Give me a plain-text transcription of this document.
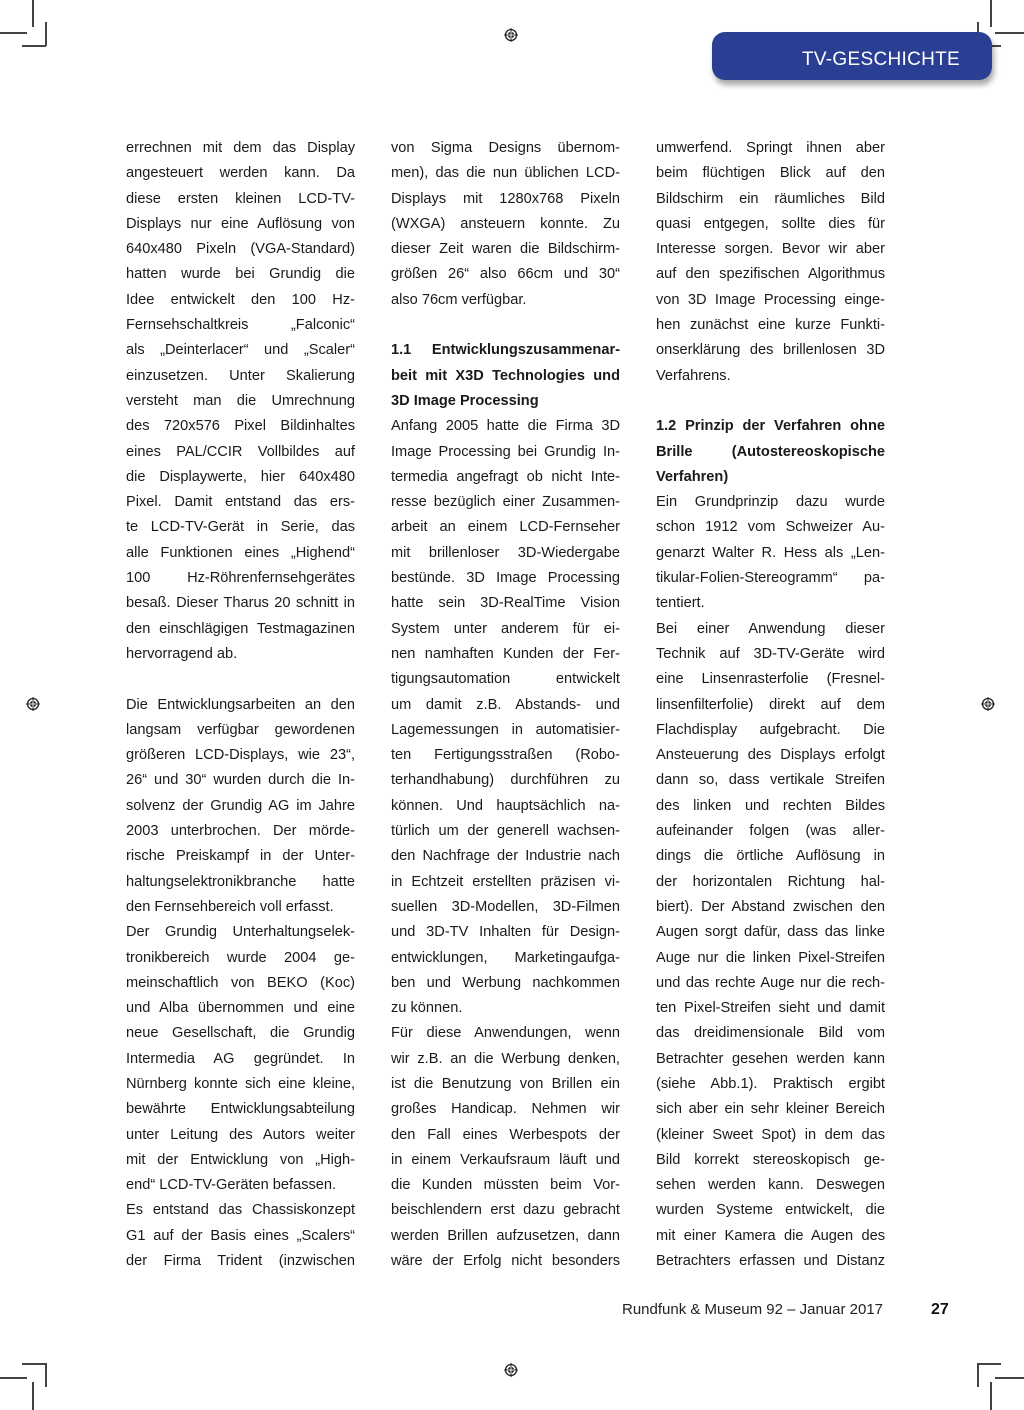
TV-GESCHICHTE
errechnen mit dem das Display
angesteuert werden kann. Da
diese ersten kleinen LCD-TV-
Displays nur eine Auflösung von
640x480 Pixeln (VGA-Standard)
hatten wurde bei Grundig die
Idee entwickelt den 100 Hz-
Fernsehschaltkreis „Falconic“
als „Deinterlacer“ und „Scaler“
einzusetzen. Unter Skalierung
versteht man die Umrechnung
des 720x576 Pixel Bildinhaltes
eines PAL/CCIR Vollbildes auf
die Displaywerte, hier 640x480
Pixel. Damit entstand das ers-
te LCD-TV-Gerät in Serie, das
alle Funktionen eines „Highend“
100 Hz-Röhrenfernsehgerätes
besaß. Dieser Tharus 20 schnitt in
den einschlägigen Testmagazinen
hervorragend ab.
Die Entwicklungsarbeiten an den
langsam verfügbar gewordenen
größeren LCD-Displays, wie 23“,
26“ und 30“ wurden durch die In-
solvenz der Grundig AG im Jahre
2003 unterbrochen. Der mörde-
rische Preiskampf in der Unter-
haltungselektronikbranche hatte
den Fernsehbereich voll erfasst.
Der Grundig Unterhaltungselek-
tronikbereich wurde 2004 ge-
meinschaftlich von BEKO (Koc)
und Alba übernommen und eine
neue Gesellschaft, die Grundig
Intermedia AG gegründet. In
Nürnberg konnte sich eine kleine,
bewährte Entwicklungsabteilung
unter Leitung des Autors weiter
mit der Entwicklung von „High-
end“ LCD-TV-Geräten befassen.
Es entstand das Chassiskonzept
G1 auf der Basis eines „Scalers“
der Firma Trident (inzwischen
von Sigma Designs übernom-
men), das die nun üblichen LCD-
Displays mit 1280x768 Pixeln
(WXGA) ansteuern konnte. Zu
dieser Zeit waren die Bildschirm-
größen 26“ also 66cm und 30“
also 76cm verfügbar.
1.1 Entwicklungszusammenar-
beit mit X3D Technologies und
3D Image Processing
Anfang 2005 hatte die Firma 3D
Image Processing bei Grundig In-
termedia angefragt ob nicht Inte-
resse bezüglich einer Zusammen-
arbeit an einem LCD-Fernseher
mit brillenloser 3D-Wiedergabe
bestünde. 3D Image Processing
hatte sein 3D-RealTime Vision
System unter anderem für ei-
nen namhaften Kunden der Fer-
tigungsautomation entwickelt
um damit z.B. Abstands- und
Lagemessungen in automatisier-
ten Fertigungsstraßen (Robo-
terhandhabung) durchführen zu
können. Und hauptsächlich na-
türlich um der generell wachsen-
den Nachfrage der Industrie nach
in Echtzeit erstellten präzisen vi-
suellen 3D-Modellen, 3D-Filmen
und 3D-TV Inhalten für Design-
entwicklungen, Marketingaufga-
ben und Werbung nachkommen
zu können.
Für diese Anwendungen, wenn
wir z.B. an die Werbung denken,
ist die Benutzung von Brillen ein
großes Handicap. Nehmen wir
den Fall eines Werbespots der
in einem Verkaufsraum läuft und
die Kunden müssten beim Vor-
beischlendern erst dazu gebracht
werden Brillen aufzusetzen, dann
wäre der Erfolg nicht besonders
umwerfend. Springt ihnen aber
beim flüchtigen Blick auf den
Bildschirm ein räumliches Bild
quasi entgegen, sollte dies für
Interesse sorgen. Bevor wir aber
auf den spezifischen Algorithmus
von 3D Image Processing einge-
hen zunächst eine kurze Funkti-
onserklärung des brillenlosen 3D
Verfahrens.
1.2 Prinzip der Verfahren ohne
Brille (Autostereoskopische
Verfahren)
Ein Grundprinzip dazu wurde
schon 1912 vom Schweizer Au-
genarzt Walter R. Hess als „Len-
tikular-Folien-Stereogramm“ pa-
tentiert.
Bei einer Anwendung dieser
Technik auf 3D-TV-Geräte wird
eine Linsenrasterfolie (Fresnel-
linsenfilterfolie) direkt auf dem
Flachdisplay aufgebracht. Die
Ansteuerung des Displays erfolgt
dann so, dass vertikale Streifen
des linken und rechten Bildes
aufeinander folgen (was aller-
dings die örtliche Auflösung in
der horizontalen Richtung hal-
biert). Der Abstand zwischen den
Augen sorgt dafür, dass das linke
Auge nur die linken Pixel-Streifen
und das rechte Auge nur die rech-
ten Pixel-Streifen sieht und damit
das dreidimensionale Bild vom
Betrachter gesehen werden kann
(siehe Abb.1). Praktisch ergibt
sich aber ein sehr kleiner Bereich
(kleiner Sweet Spot) in dem das
Bild korrekt stereoskopisch ge-
sehen werden kann. Deswegen
wurden Systeme entwickelt, die
mit einer Kamera die Augen des
Betrachters erfassen und Distanz
Rundfunk & Museum 92 – Januar 2017	27
